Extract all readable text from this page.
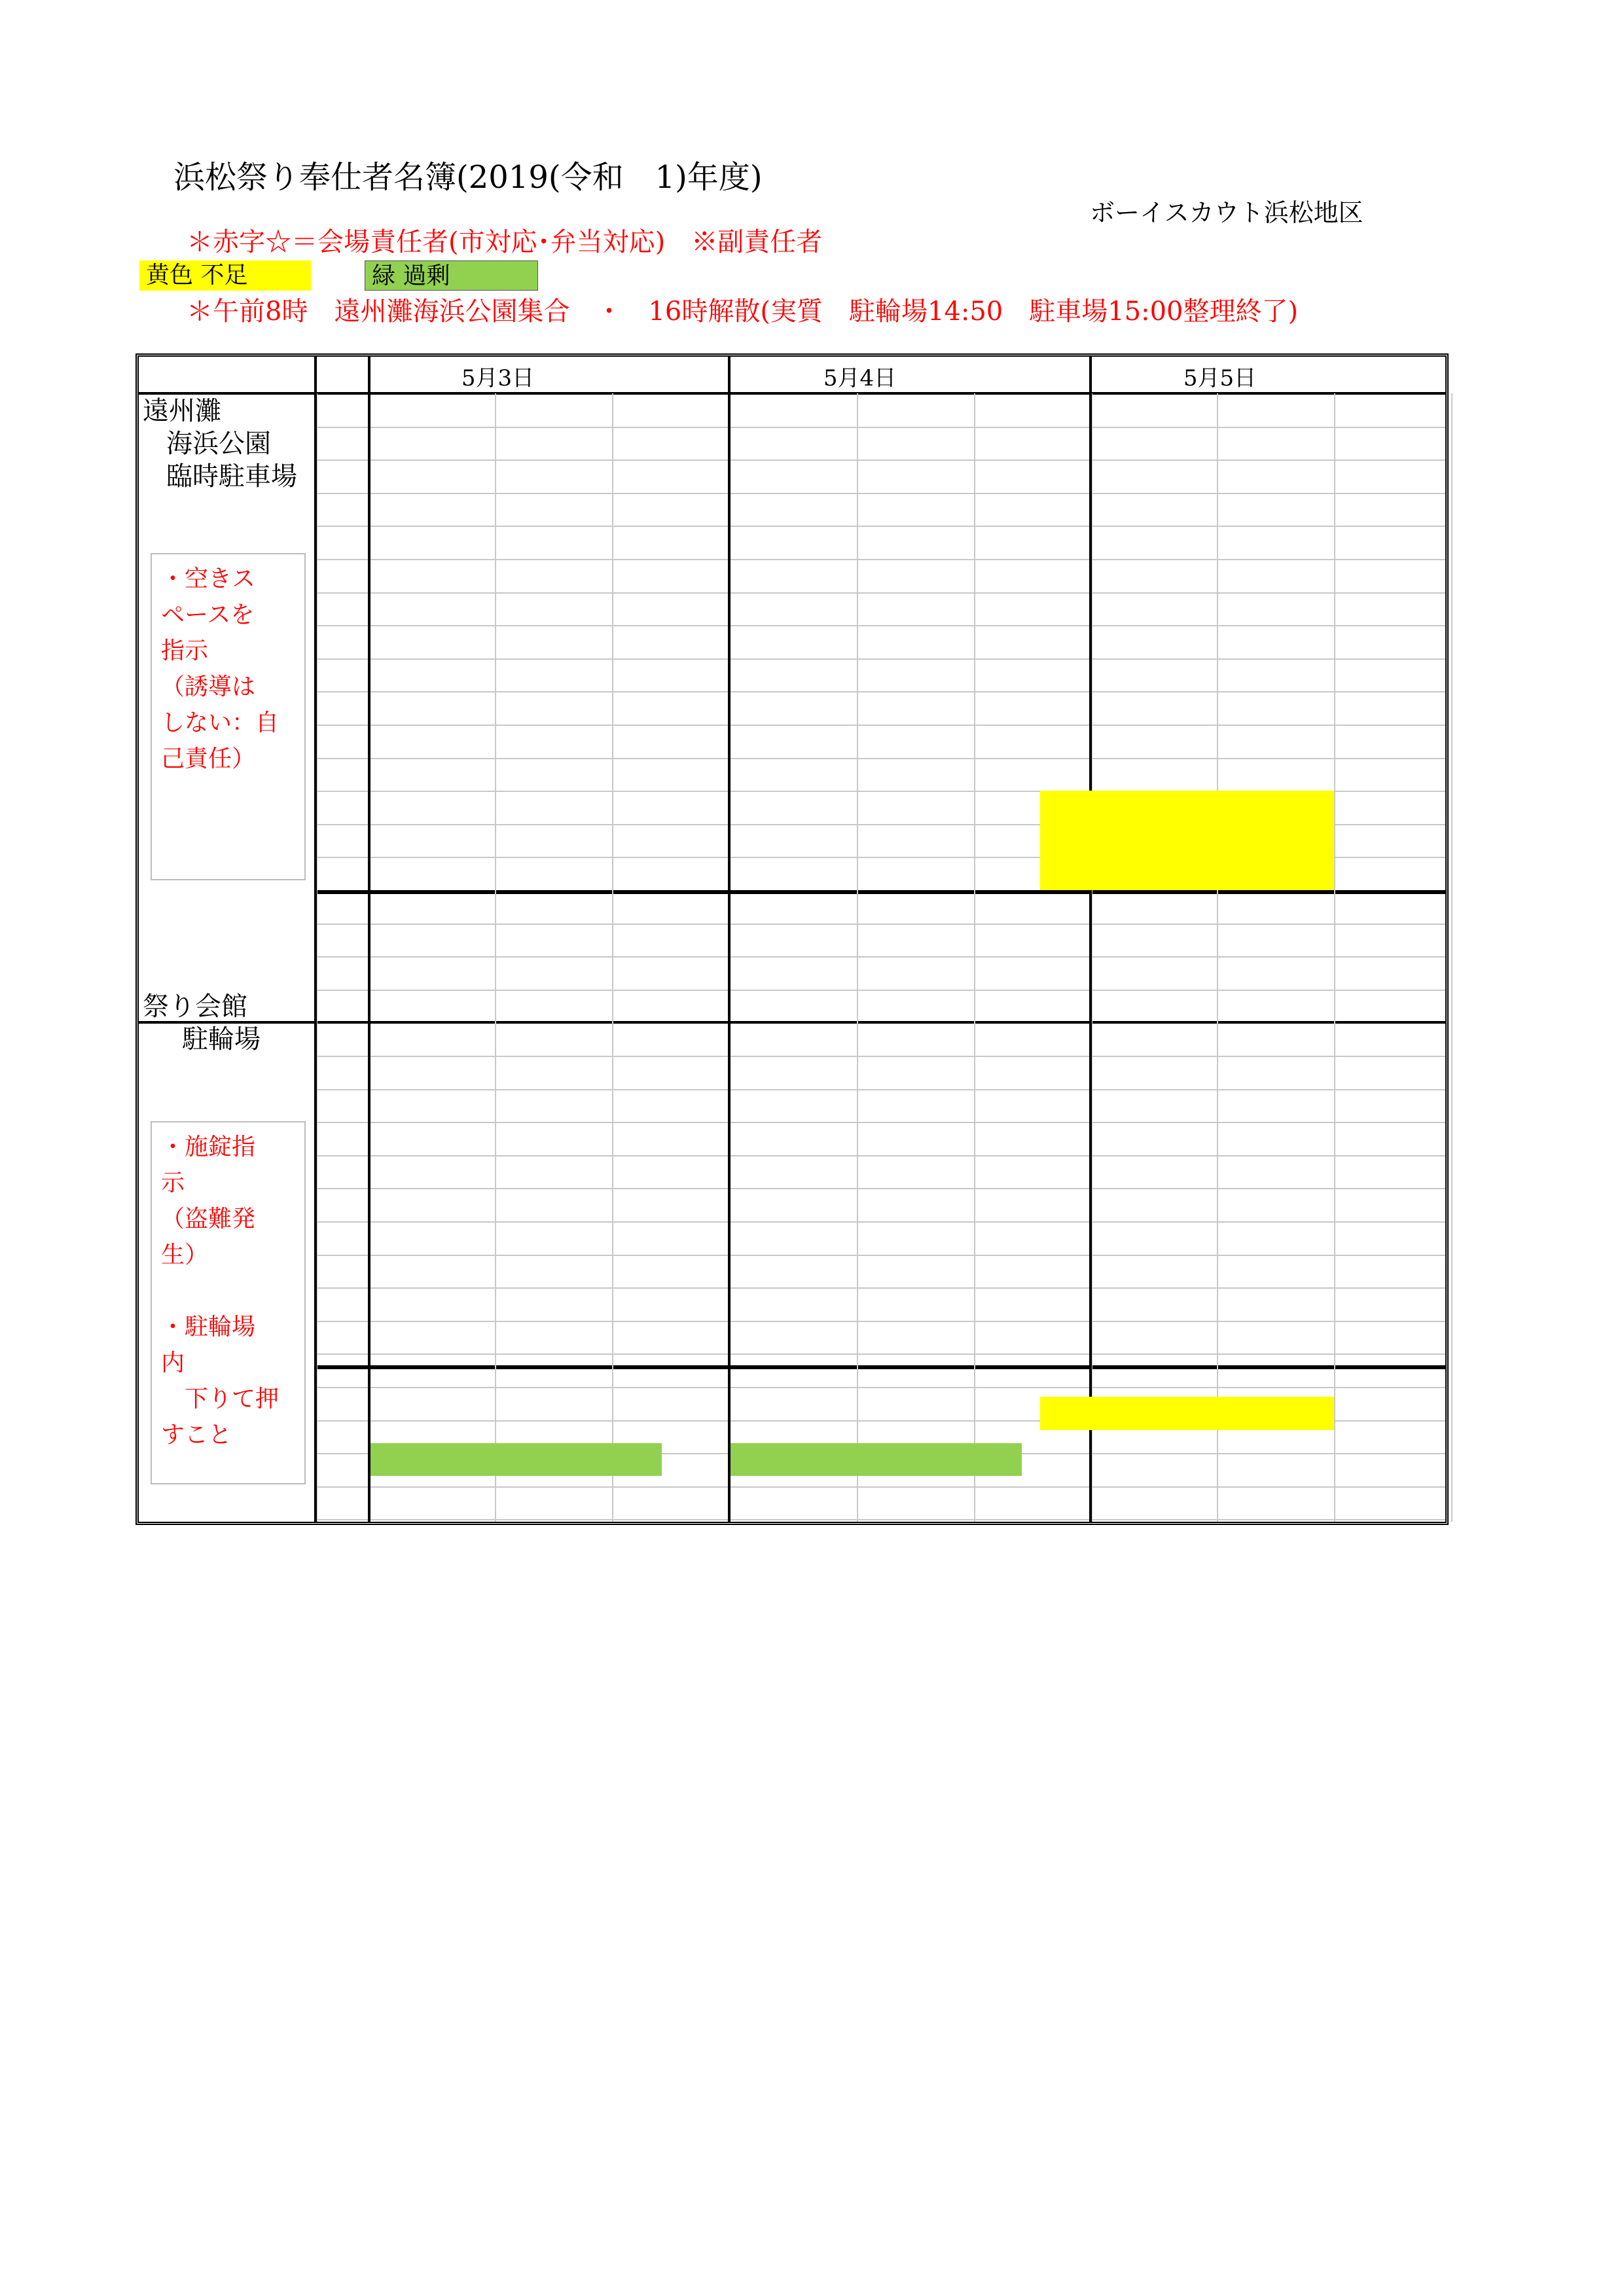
浜松祭り奉仕者名簿(2019(令和　1)年度)
ボーイスカウト浜松地区
＊赤字☆＝会場責任者(市対応･弁当対応)　※副責任者
黄色 不足	緑 過剰
＊午前8時　遠州灘海浜公園集合　・　16時解散(実質　駐輪場14:50　駐車場15:00整理終了)
5月3日	5月4日	5月5日
遠州灘
海浜公園
臨時駐車場
・空きス
ペースを
指示
（誘導は
しない：自
己責任）
祭り会館
駐輪場
・施錠指
示
（盗難発
生）

・駐輪場
内
　下りて押
すこと
